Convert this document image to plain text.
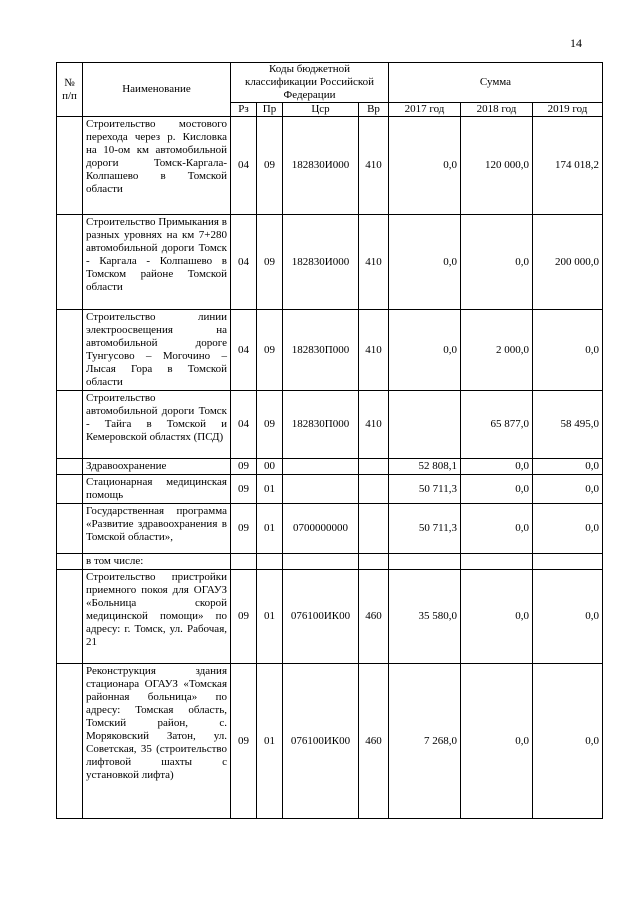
14
№ п/п	Наименование	Коды бюджетной классификации Российской Федерации				Сумма		
		Рз	Пр	Цср	Вр	2017 год	2018 год	2019 год
	Строительство мостового перехода через р. Кисловка на 10-ом км автомобильной дороги Томск-Каргала-Колпашево в Томской области	04	09	182830И000	410	0,0	120 000,0	174 018,2
	Строительство Примыкания в разных уровнях на км 7+280 автомобильной дороги Томск - Каргала - Колпашево в Томском районе Томской области	04	09	182830И000	410	0,0	0,0	200 000,0
	Строительство линии электроосвещения на автомобильной дороге Тунгусово – Могочино – Лысая Гора в Томской области	04	09	182830П000	410	0,0	2 000,0	0,0
	Строительство автомобильной дороги Томск - Тайга в Томской и Кемеровской областях (ПСД)	04	09	182830П000	410		65 877,0	58 495,0
	Здравоохранение	09	00			52 808,1	0,0	0,0
	Стационарная медицинская помощь	09	01			50 711,3	0,0	0,0
	Государственная программа «Развитие здравоохранения в Томской области»,	09	01	0700000000		50 711,3	0,0	0,0
	в том числе:							
	Строительство пристройки приемного покоя для ОГАУЗ «Больница скорой медицинской помощи» по адресу: г. Томск, ул. Рабочая, 21	09	01	076100ИК00	460	35 580,0	0,0	0,0
	Реконструкция здания стационара ОГАУЗ «Томская районная больница» по адресу: Томская область, Томский район, с. Моряковский Затон, ул. Советская, 35 (строительство лифтовой шахты с установкой лифта)	09	01	076100ИК00	460	7 268,0	0,0	0,0
